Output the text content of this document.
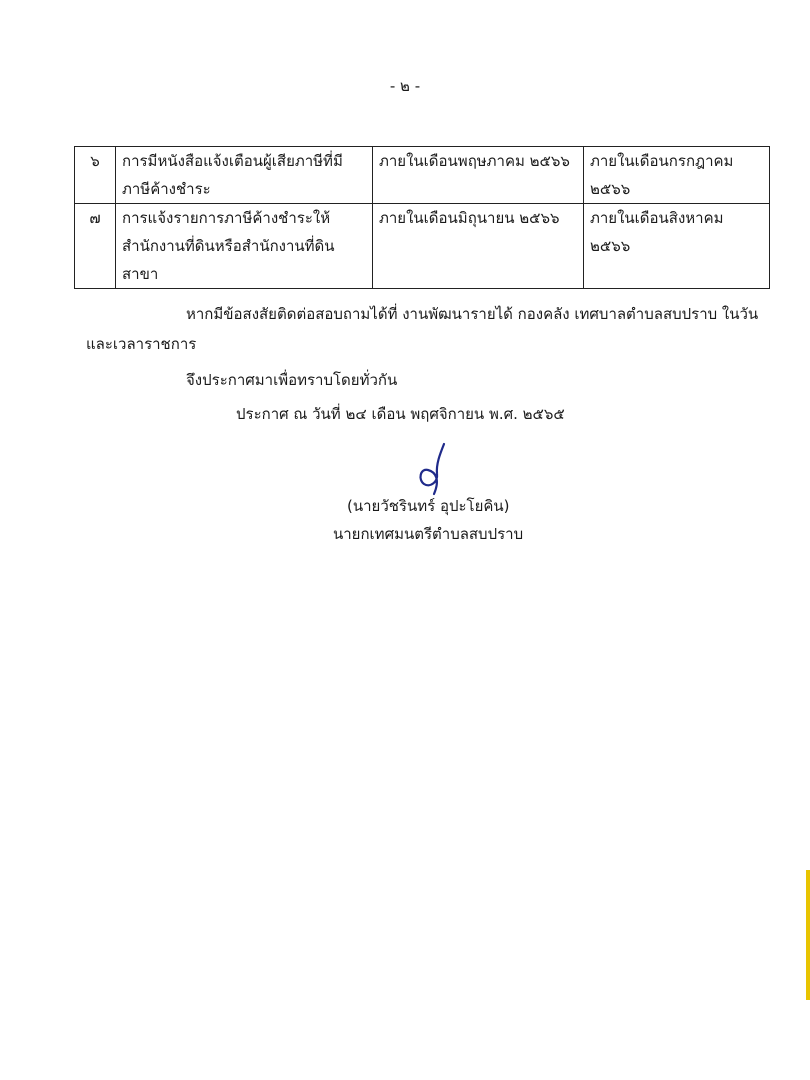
- ๒ -
๖	การมีหนังสือแจ้งเตือนผู้เสียภาษีที่มีภาษีค้างชำระ	ภายในเดือนพฤษภาคม ๒๕๖๖	ภายในเดือนกรกฎาคม ๒๕๖๖
๗	การแจ้งรายการภาษีค้างชำระให้สำนักงานที่ดินหรือสำนักงานที่ดินสาขา	ภายในเดือนมิถุนายน ๒๕๖๖	ภายในเดือนสิงหาคม ๒๕๖๖
หากมีข้อสงสัยติดต่อสอบถามได้ที่ งานพัฒนารายได้ กองคลัง เทศบาลตำบลสบปราบ ในวัน
และเวลาราชการ
จึงประกาศมาเพื่อทราบโดยทั่วกัน
ประกาศ ณ วันที่ ๒๔ เดือน พฤศจิกายน พ.ศ. ๒๕๖๕
(นายวัชรินทร์ อุปะโยคิน)
นายกเทศมนตรีตำบลสบปราบ
